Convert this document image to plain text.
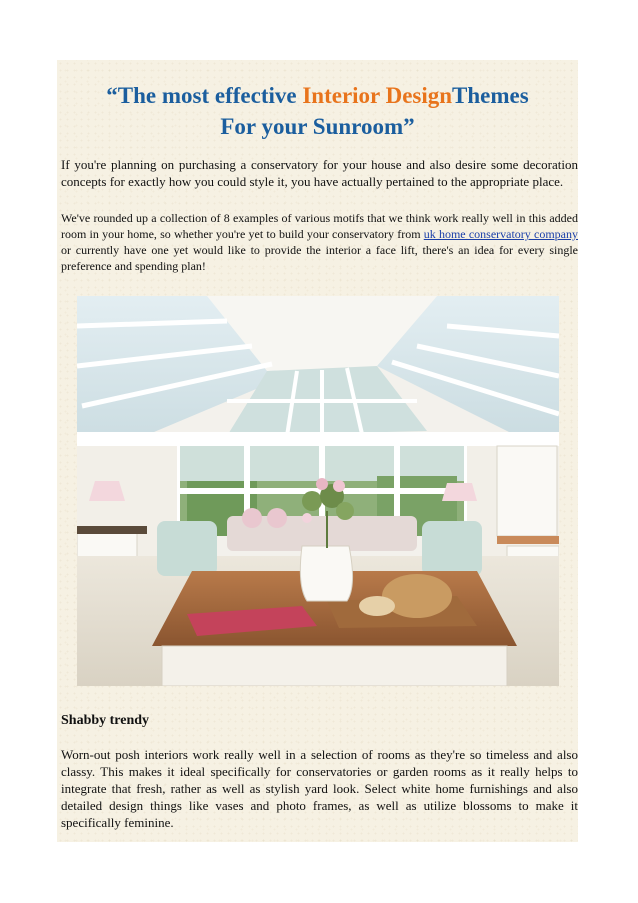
“The most effective Interior DesignThemes
For your Sunroom”
If you're planning on purchasing a conservatory for your house and also desire some decoration concepts for exactly how you could style it, you have actually pertained to the appropriate place.
We've rounded up a collection of 8 examples of various motifs that we think work really well in this added room in your home, so whether you're yet to build your conservatory from uk home conservatory company or currently have one yet would like to provide the interior a face lift, there's an idea for every single preference and spending plan!
Shabby trendy
Worn-out posh interiors work really well in a selection of rooms as they're so timeless and also classy. This makes it ideal specifically for conservatories or garden rooms as it really helps to integrate that fresh, rather as well as stylish yard look. Select white home furnishings and also detailed design things like vases and photo frames, as well as utilize blossoms to make it specifically feminine.
